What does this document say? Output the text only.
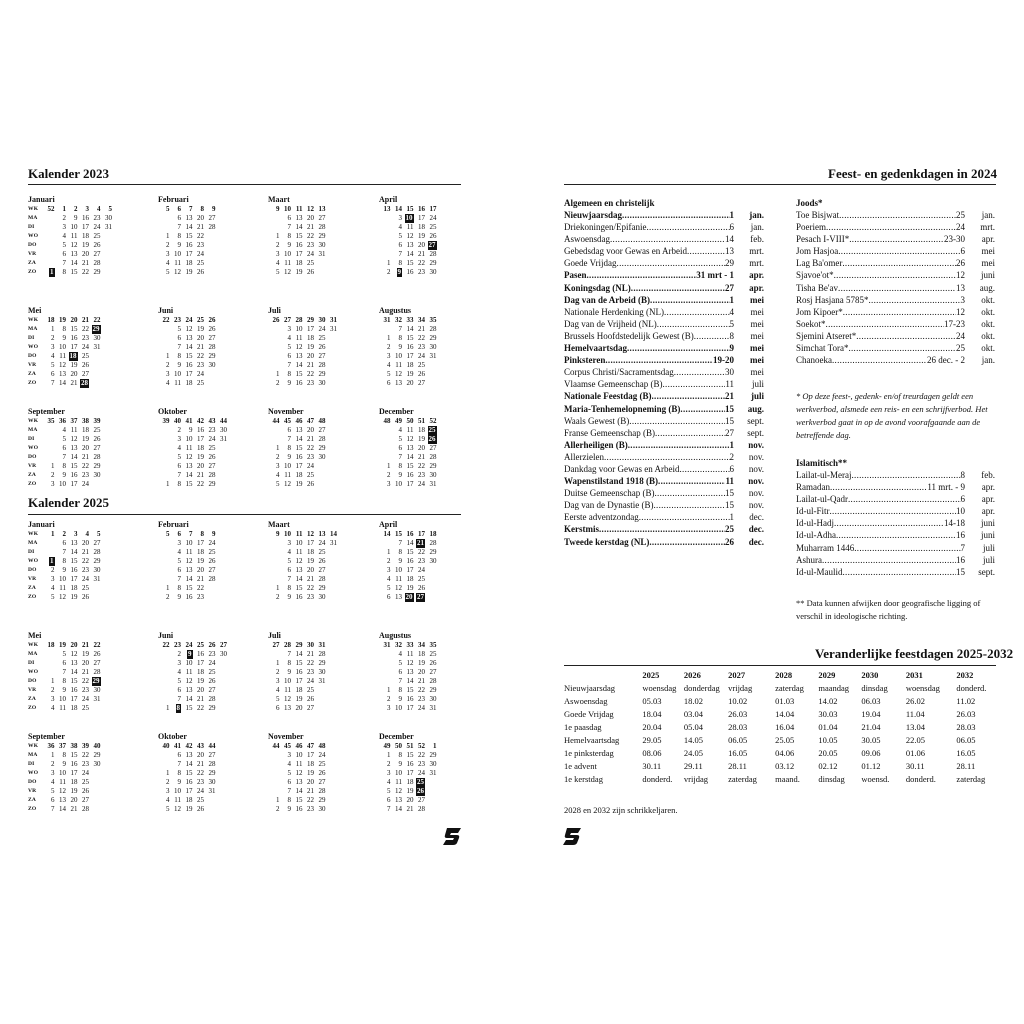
Kalender 2023
Januari
WK	52	1	2	3	4	5
MA		2	9	16	23	30
DI		3	10	17	24	31
WO		4	11	18	25	
DO		5	12	19	26	
VR		6	13	20	27	
ZA		7	14	21	28	
ZO	1	8	15	22	29	
Februari
5	6	7	8	9
	6	13	20	27
	7	14	21	28
1	8	15	22	
2	9	16	23	
3	10	17	24	
4	11	18	25	
5	12	19	26	
Maart
9	10	11	12	13
	6	13	20	27
	7	14	21	28
1	8	15	22	29
2	9	16	23	30
3	10	17	24	31
4	11	18	25	
5	12	19	26	
April
13	14	15	16	17
	3	10	17	24
	4	11	18	25
	5	12	19	26
	6	13	20	27
	7	14	21	28
1	8	15	22	29
2	9	16	23	30
Mei
WK	18	19	20	21	22
MA	1	8	15	22	29
DI	2	9	16	23	30
WO	3	10	17	24	31
DO	4	11	18	25	
VR	5	12	19	26	
ZA	6	13	20	27	
ZO	7	14	21	28	
Juni
22	23	24	25	26
	5	12	19	26
	6	13	20	27
	7	14	21	28
1	8	15	22	29
2	9	16	23	30
3	10	17	24	
4	11	18	25	
Juli
26	27	28	29	30	31
	3	10	17	24	31
	4	11	18	25	
	5	12	19	26	
	6	13	20	27	
	7	14	21	28	
1	8	15	22	29	
2	9	16	23	30	
Augustus
31	32	33	34	35
	7	14	21	28
1	8	15	22	29
2	9	16	23	30
3	10	17	24	31
4	11	18	25	
5	12	19	26	
6	13	20	27	
September
WK	35	36	37	38	39
MA		4	11	18	25
DI		5	12	19	26
WO		6	13	20	27
DO		7	14	21	28
VR	1	8	15	22	29
ZA	2	9	16	23	30
ZO	3	10	17	24	
Oktober
39	40	41	42	43	44
	2	9	16	23	30
	3	10	17	24	31
	4	11	18	25	
	5	12	19	26	
	6	13	20	27	
	7	14	21	28	
1	8	15	22	29	
November
44	45	46	47	48
	6	13	20	27
	7	14	21	28
1	8	15	22	29
2	9	16	23	30
3	10	17	24	
4	11	18	25	
5	12	19	26	
December
48	49	50	51	52
	4	11	18	25
	5	12	19	26
	6	13	20	27
	7	14	21	28
1	8	15	22	29
2	9	16	23	30
3	10	17	24	31
Kalender 2025
Januari
WK	1	2	3	4	5
MA		6	13	20	27
DI		7	14	21	28
WO	1	8	15	22	29
DO	2	9	16	23	30
VR	3	10	17	24	31
ZA	4	11	18	25	
ZO	5	12	19	26	
Februari
5	6	7	8	9
	3	10	17	24
	4	11	18	25
	5	12	19	26
	6	13	20	27
	7	14	21	28
1	8	15	22	
2	9	16	23	
Maart
9	10	11	12	13	14
	3	10	17	24	31
	4	11	18	25	
	5	12	19	26	
	6	13	20	27	
	7	14	21	28	
1	8	15	22	29	
2	9	16	23	30	
April
14	15	16	17	18
	7	14	21	28
1	8	15	22	29
2	9	16	23	30
3	10	17	24	
4	11	18	25	
5	12	19	26	
6	13	20	27	
Mei
WK	18	19	20	21	22
MA		5	12	19	26
DI		6	13	20	27
WO		7	14	21	28
DO	1	8	15	22	29
VR	2	9	16	23	30
ZA	3	10	17	24	31
ZO	4	11	18	25	
Juni
22	23	24	25	26	27
	2	9	16	23	30
	3	10	17	24	
	4	11	18	25	
	5	12	19	26	
	6	13	20	27	
	7	14	21	28	
1	8	15	22	29	
Juli
27	28	29	30	31
	7	14	21	28
1	8	15	22	29
2	9	16	23	30
3	10	17	24	31
4	11	18	25	
5	12	19	26	
6	13	20	27	
Augustus
31	32	33	34	35
	4	11	18	25
	5	12	19	26
	6	13	20	27
	7	14	21	28
1	8	15	22	29
2	9	16	23	30
3	10	17	24	31
September
WK	36	37	38	39	40
MA	1	8	15	22	29
DI	2	9	16	23	30
WO	3	10	17	24	
DO	4	11	18	25	
VR	5	12	19	26	
ZA	6	13	20	27	
ZO	7	14	21	28	
Oktober
40	41	42	43	44
	6	13	20	27
	7	14	21	28
1	8	15	22	29
2	9	16	23	30
3	10	17	24	31
4	11	18	25	
5	12	19	26	
November
44	45	46	47	48
	3	10	17	24
	4	11	18	25
	5	12	19	26
	6	13	20	27
	7	14	21	28
1	8	15	22	29
2	9	16	23	30
December
49	50	51	52	1
1	8	15	22	29
2	9	16	23	30
3	10	17	24	31
4	11	18	25	
5	12	19	26	
6	13	20	27	
7	14	21	28	
Feest- en gedenkdagen in 2024
Algemeen en christelijk
Nieuwjaarsdag .....	1	jan.
Driekoningen/Epifanie .....	6	jan.
Aswoensdag .....	14	feb.
Gebedsdag voor Gewas en Arbeid .....	13	mrt.
Goede Vrijdag .....	29	mrt.
Pasen .....	31 mrt - 1	apr.
Koningsdag (NL) .....	27	apr.
Dag van de Arbeid (B) .....	1	mei
Nationale Herdenking (NL) .....	4	mei
Dag van de Vrijheid (NL) .....	5	mei
Brussels Hoofdstedelijk Gewest (B) .....	8	mei
Hemelvaartsdag .....	9	mei
Pinksteren .....	19-20	mei
Corpus Christi/Sacramentsdag .....	30	mei
Vlaamse Gemeenschap (B) .....	11	juli
Nationale Feestdag (B) .....	21	juli
Maria-Tenhemelopneming (B) .....	15	aug.
Waals Gewest (B) .....	15	sept.
Franse Gemeenschap (B) .....	27	sept.
Allerheiligen (B) .....	1	nov.
Allerzielen .....	2	nov.
Dankdag voor Gewas en Arbeid .....	6	nov.
Wapenstilstand 1918 (B) .....	11	nov.
Duitse Gemeenschap (B) .....	15	nov.
Dag van de Dynastie (B) .....	15	nov.
Eerste adventzondag .....	1	dec.
Kerstmis .....	25	dec.
Tweede kerstdag (NL) .....	26	dec.
Joods*
Toe Bisjwat .....	25	jan.
Poeriem .....	24	mrt.
Pesach I-VIII* .....	23-30	apr.
Jom Hasjoa .....	6	mei
Lag Ba'omer .....	26	mei
Sjavoe'ot* .....	12	juni
Tisha Be'av .....	13	aug.
Rosj Hasjana 5785* .....	3	okt.
Jom Kipoer* .....	12	okt.
Soekot* .....	17-23	okt.
Sjemini Atseret* .....	24	okt.
Simchat Tora* .....	25	okt.
Chanoeka .....	26 dec. - 2	jan.
* Op deze feest-, gedenk- en/of treurdagen geldt een werkverbod, alsmede een reis- en een schrijfverbod. Het werkverbod gaat in op de avond voorafgaande aan de betreffende dag.
Islamitisch**
Lailat-ul-Meraj .....	8	feb.
Ramadan .....	11 mrt. - 9	apr.
Lailat-ul-Qadr .....	6	apr.
Id-ul-Fitr .....	10	apr.
Id-ul-Hadj .....	14-18	juni
Id-ul-Adha .....	16	juni
Muharram 1446 .....	7	juli
Ashura .....	16	juli
Id-ul-Maulid .....	15	sept.
** Data kunnen afwijken door geografische ligging of verschil in ideologische richting.
Veranderlijke feestdagen 2025-2032
	2025	2026	2027	2028	2029	2030	2031	2032
Nieuwjaarsdag	woensdag	donderdag	vrijdag	zaterdag	maandag	dinsdag	woensdag	donderd.
Aswoensdag	05.03	18.02	10.02	01.03	14.02	06.03	26.02	11.02
Goede Vrijdag	18.04	03.04	26.03	14.04	30.03	19.04	11.04	26.03
1e paasdag	20.04	05.04	28.03	16.04	01.04	21.04	13.04	28.03
Hemelvaartsdag	29.05	14.05	06.05	25.05	10.05	30.05	22.05	06.05
1e pinksterdag	08.06	24.05	16.05	04.06	20.05	09.06	01.06	16.05
1e advent	30.11	29.11	28.11	03.12	02.12	01.12	30.11	28.11
1e kerstdag	donderd.	vrijdag	zaterdag	maand.	dinsdag	woensd.	donderd.	zaterdag
2028 en 2032 zijn schrikkeljaren.
